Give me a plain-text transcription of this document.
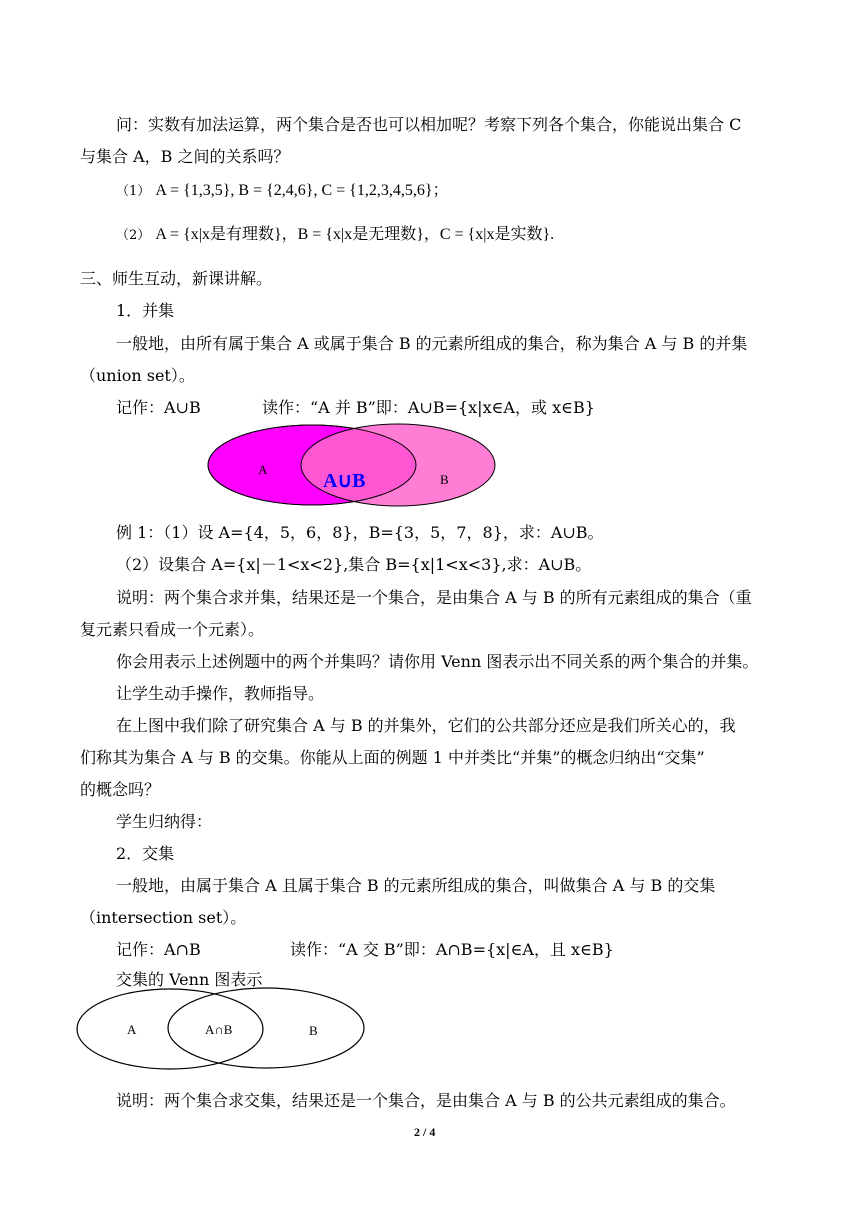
问：实数有加法运算，两个集合是否也可以相加呢？考察下列各个集合，你能说出集合 C
与集合 A，B 之间的关系吗？
（1） A = {1,3,5}, B = {2,4,6}, C = {1,2,3,4,5,6}；
（2） A = {x|x是有理数}，B = {x|x是无理数}，C = {x|x是实数}.
三、师生互动，新课讲解。
1．并集
一般地，由所有属于集合 A 或属于集合 B 的元素所组成的集合，称为集合 A 与 B 的并集
（union set）。
记作：A∪B	读作：“A 并 B”即：A∪B={x|x∈A，或 x∈B}
A
B
A∪B
例 1：（1）设 A={4，5，6，8}，B={3，5，7，8}，求：A∪B。
（2）设集合 A={x|－1<x<2},集合 B={x|1<x<3},求：A∪B。
说明：两个集合求并集，结果还是一个集合，是由集合 A 与 B 的所有元素组成的集合（重
复元素只看成一个元素）。
你会用表示上述例题中的两个并集吗？请你用 Venn 图表示出不同关系的两个集合的并集。
让学生动手操作，教师指导。
在上图中我们除了研究集合 A 与 B 的并集外，它们的公共部分还应是我们所关心的，我
们称其为集合 A 与 B 的交集。你能从上面的例题 1 中并类比“并集”的概念归纳出“交集”
的概念吗？
学生归纳得：
2．交集
一般地，由属于集合 A 且属于集合 B 的元素所组成的集合，叫做集合 A 与 B 的交集
（intersection set）。
记作：A∩B	读作：“A 交 B”即：A∩B={x|∈A，且 x∈B}
交集的 Venn 图表示
A	A∩B	B
说明：两个集合求交集，结果还是一个集合，是由集合 A 与 B 的公共元素组成的集合。
2 / 4
